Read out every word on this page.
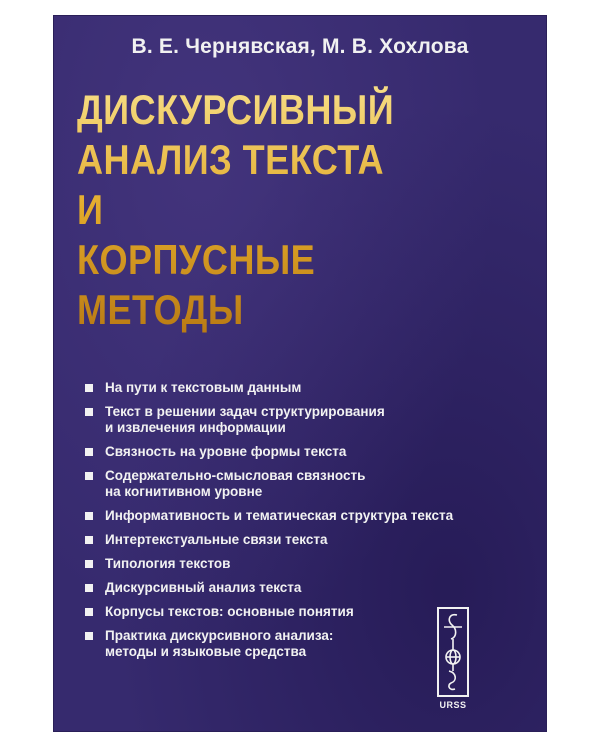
В. Е. Чернявская, М. В. Хохлова
ДИСКУРСИВНЫЙ
АНАЛИЗ ТЕКСТА
И
КОРПУСНЫЕ
МЕТОДЫ
На пути к текстовым данным
Текст в решении задач структурирования
и извлечения информации
Связность на уровне формы текста
Содержательно-смысловая связность
на когнитивном уровне
Информативность и тематическая структура текста
Интертекстуальные связи текста
Типология текстов
Дискурсивный анализ текста
Корпусы текстов: основные понятия
Практика дискурсивного анализа:
методы и языковые средства
URSS
